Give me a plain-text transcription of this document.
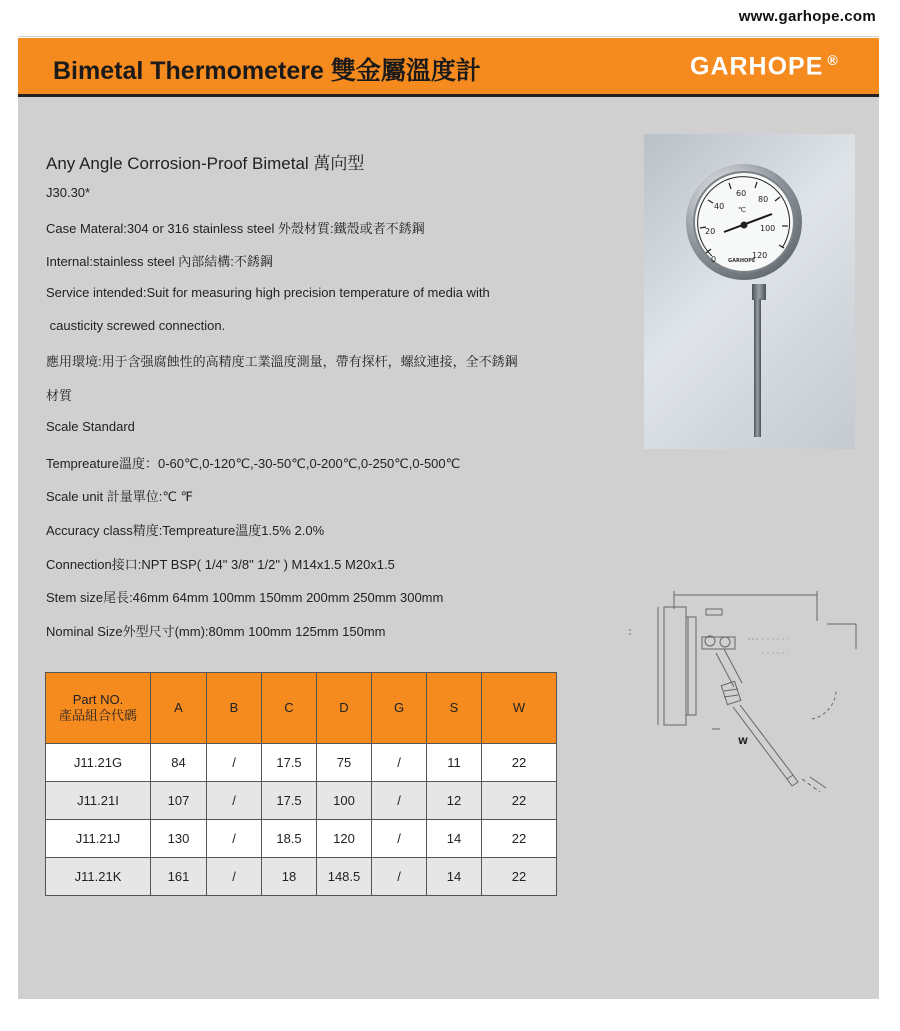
www.garhope.com
Bimetal Thermometere 雙金屬溫度計	GARHOPE ®
Any Angle Corrosion-Proof Bimetal 萬向型
J30.30*
Case Materal:304 or 316 stainless steel 外殼材質:鐵殼或者不銹鋼
Internal:stainless steel 內部結構:不銹鋼
Service intended:Suit for measuring high precision temperature of media with
causticity screwed connection.
應用環境:用于含强腐蝕性的高精度工業溫度測量，帶有探杆，螺紋連接，全不銹鋼
材質
Scale Standard
Tempreature溫度：0-60℃,0-120℃,-30-50℃,0-200℃,0-250℃,0-500℃
Scale unit 計量單位:℃ ℉
Accuracy class精度:Tempreature溫度1.5% 2.0%
Connection接口:NPT BSP( 1/4" 3/8" 1/2" ) M14x1.5 M20x1.5
Stem size尾長:46mm 64mm 100mm 150mm 200mm 250mm 300mm
Nominal Size外型尺寸(mm):80mm 100mm 125mm 150mm
0
20
40
60
80
100
120
℃
GARHOPE
W
Part NO.
產品組合代碼	A	B	C	D	G	S	W
J11.21G	84	/	17.5	75	/	11	22
J11.21I	107	/	17.5	100	/	12	22
J11.21J	130	/	18.5	120	/	14	22
J11.21K	161	/	18	148.5	/	14	22
